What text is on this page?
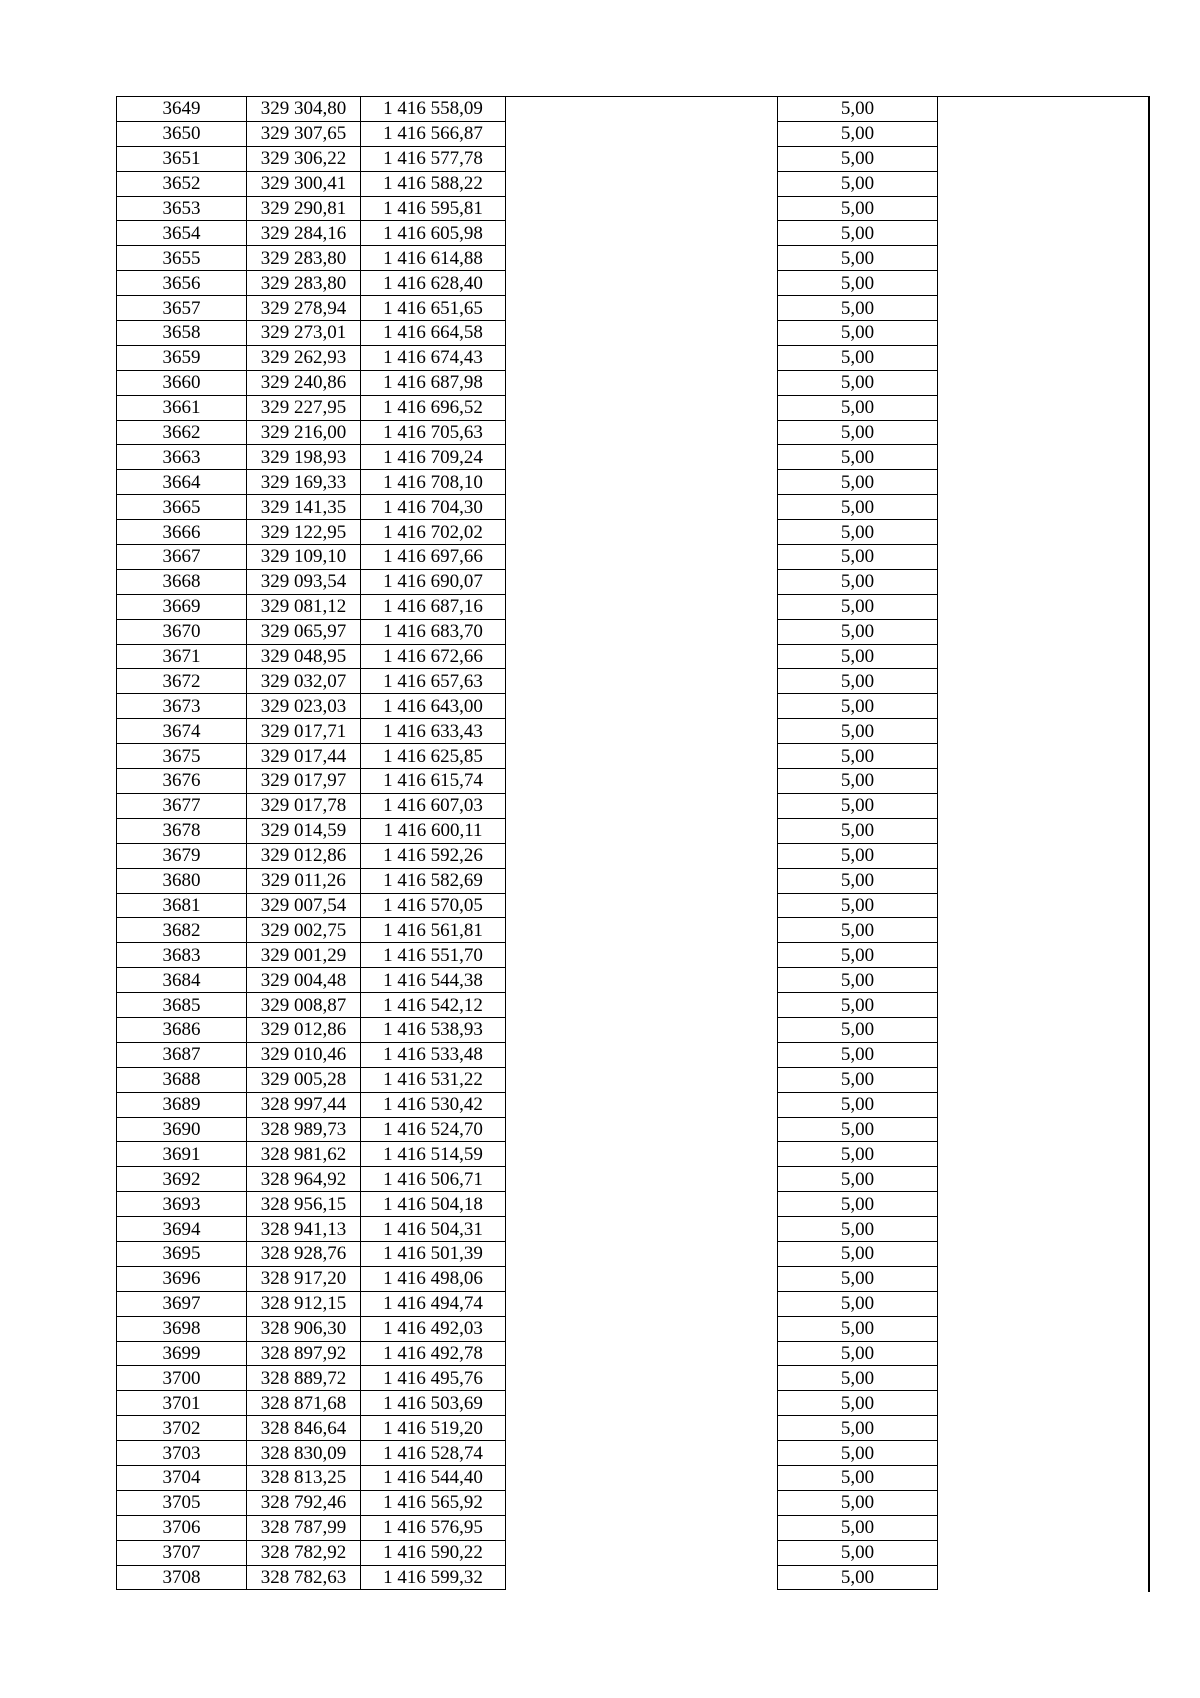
3649	329 304,80	1 416 558,09		5,00	
3650	329 307,65	1 416 566,87		5,00	
3651	329 306,22	1 416 577,78		5,00	
3652	329 300,41	1 416 588,22		5,00	
3653	329 290,81	1 416 595,81		5,00	
3654	329 284,16	1 416 605,98		5,00	
3655	329 283,80	1 416 614,88		5,00	
3656	329 283,80	1 416 628,40		5,00	
3657	329 278,94	1 416 651,65		5,00	
3658	329 273,01	1 416 664,58		5,00	
3659	329 262,93	1 416 674,43		5,00	
3660	329 240,86	1 416 687,98		5,00	
3661	329 227,95	1 416 696,52		5,00	
3662	329 216,00	1 416 705,63		5,00	
3663	329 198,93	1 416 709,24		5,00	
3664	329 169,33	1 416 708,10		5,00	
3665	329 141,35	1 416 704,30		5,00	
3666	329 122,95	1 416 702,02		5,00	
3667	329 109,10	1 416 697,66		5,00	
3668	329 093,54	1 416 690,07		5,00	
3669	329 081,12	1 416 687,16		5,00	
3670	329 065,97	1 416 683,70		5,00	
3671	329 048,95	1 416 672,66		5,00	
3672	329 032,07	1 416 657,63		5,00	
3673	329 023,03	1 416 643,00		5,00	
3674	329 017,71	1 416 633,43		5,00	
3675	329 017,44	1 416 625,85		5,00	
3676	329 017,97	1 416 615,74		5,00	
3677	329 017,78	1 416 607,03		5,00	
3678	329 014,59	1 416 600,11		5,00	
3679	329 012,86	1 416 592,26		5,00	
3680	329 011,26	1 416 582,69		5,00	
3681	329 007,54	1 416 570,05		5,00	
3682	329 002,75	1 416 561,81		5,00	
3683	329 001,29	1 416 551,70		5,00	
3684	329 004,48	1 416 544,38		5,00	
3685	329 008,87	1 416 542,12		5,00	
3686	329 012,86	1 416 538,93		5,00	
3687	329 010,46	1 416 533,48		5,00	
3688	329 005,28	1 416 531,22		5,00	
3689	328 997,44	1 416 530,42		5,00	
3690	328 989,73	1 416 524,70		5,00	
3691	328 981,62	1 416 514,59		5,00	
3692	328 964,92	1 416 506,71		5,00	
3693	328 956,15	1 416 504,18		5,00	
3694	328 941,13	1 416 504,31		5,00	
3695	328 928,76	1 416 501,39		5,00	
3696	328 917,20	1 416 498,06		5,00	
3697	328 912,15	1 416 494,74		5,00	
3698	328 906,30	1 416 492,03		5,00	
3699	328 897,92	1 416 492,78		5,00	
3700	328 889,72	1 416 495,76		5,00	
3701	328 871,68	1 416 503,69		5,00	
3702	328 846,64	1 416 519,20		5,00	
3703	328 830,09	1 416 528,74		5,00	
3704	328 813,25	1 416 544,40		5,00	
3705	328 792,46	1 416 565,92		5,00	
3706	328 787,99	1 416 576,95		5,00	
3707	328 782,92	1 416 590,22		5,00	
3708	328 782,63	1 416 599,32		5,00	
